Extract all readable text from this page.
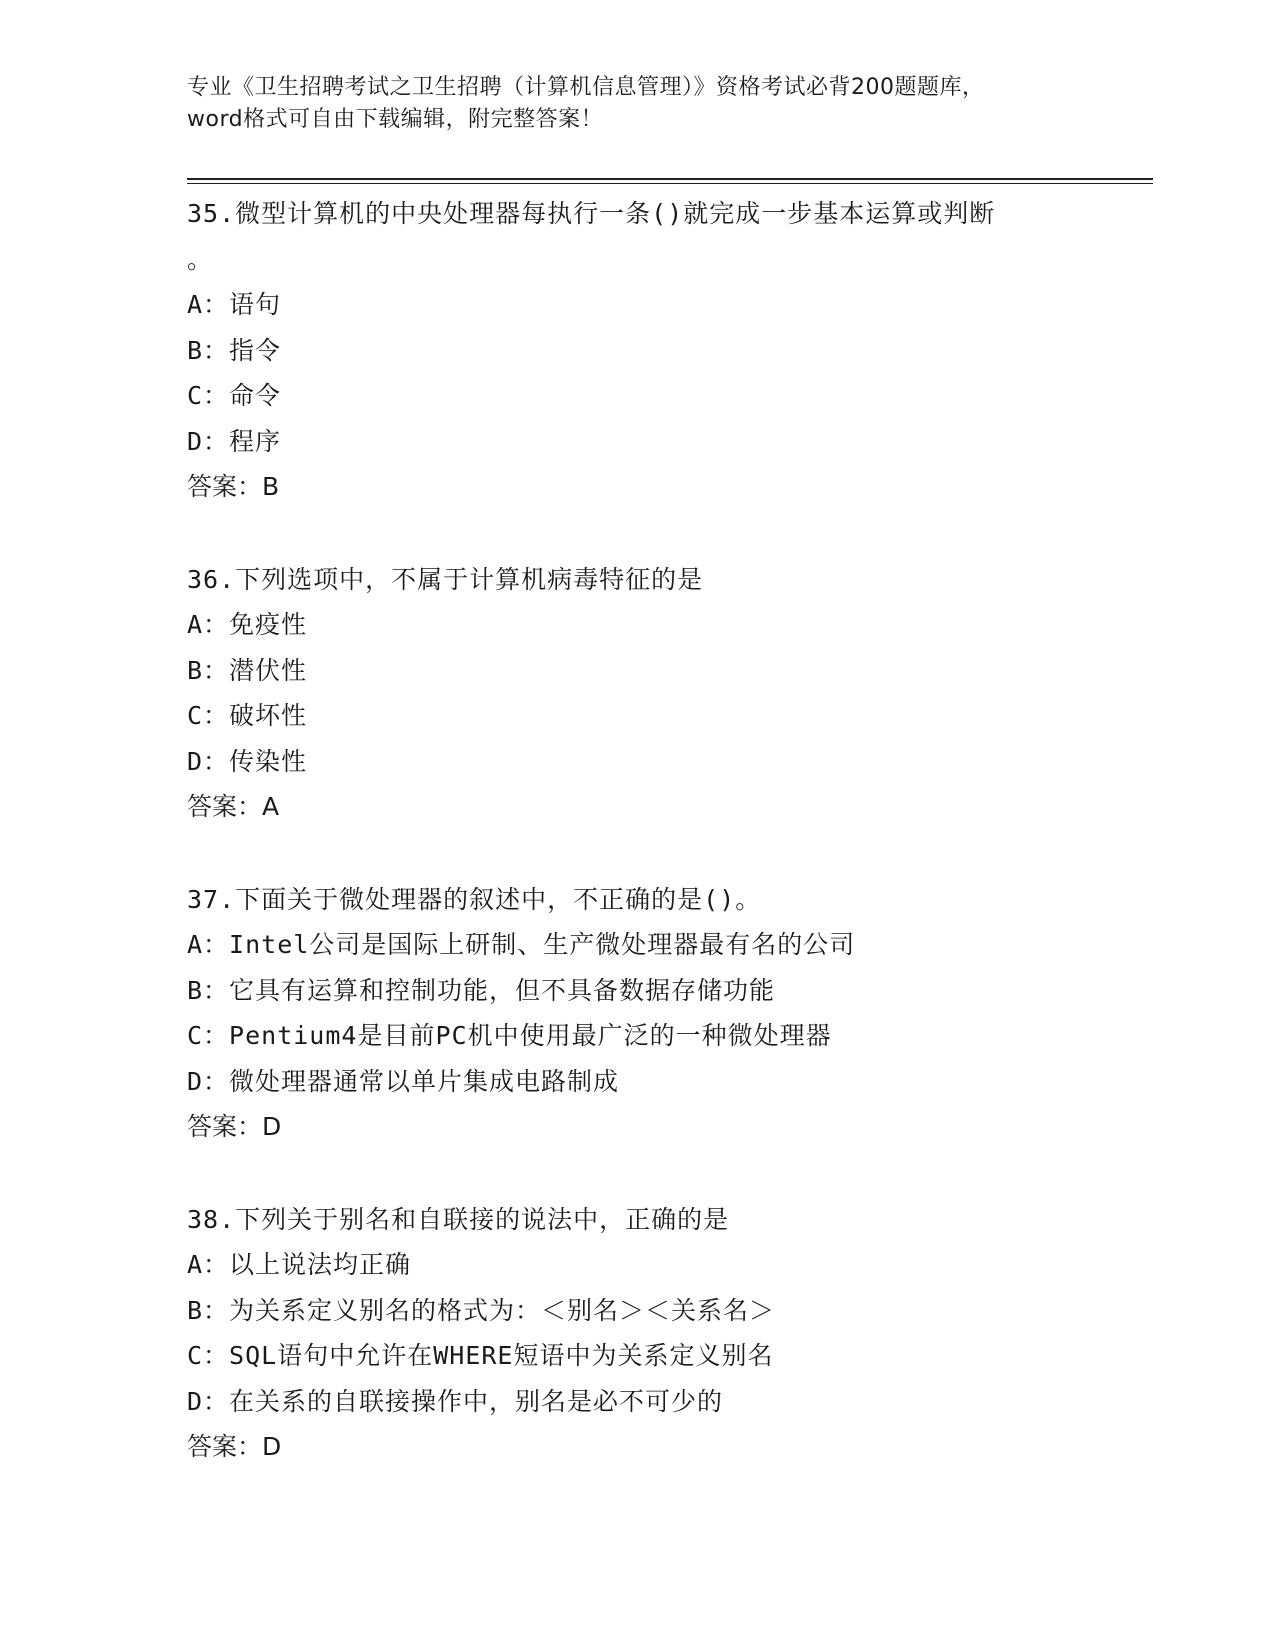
专业《卫生招聘考试之卫生招聘（计算机信息管理）》资格考试必背200题题库，
word格式可自由下载编辑，附完整答案！
35.微型计算机的中央处理器每执行一条()就完成一步基本运算或判断
。
A：语句
B：指令
C：命令
D：程序
答案：B
36.下列选项中，不属于计算机病毒特征的是
A：免疫性
B：潜伏性
C：破坏性
D：传染性
答案：A
37.下面关于微处理器的叙述中，不正确的是()。
A：Intel公司是国际上研制、生产微处理器最有名的公司
B：它具有运算和控制功能，但不具备数据存储功能
C：Pentium4是目前PC机中使用最广泛的一种微处理器
D：微处理器通常以单片集成电路制成
答案：D
38.下列关于别名和自联接的说法中，正确的是
A：以上说法均正确
B：为关系定义别名的格式为：＜别名＞＜关系名＞
C：SQL语句中允许在WHERE短语中为关系定义别名
D：在关系的自联接操作中，别名是必不可少的
答案：D
